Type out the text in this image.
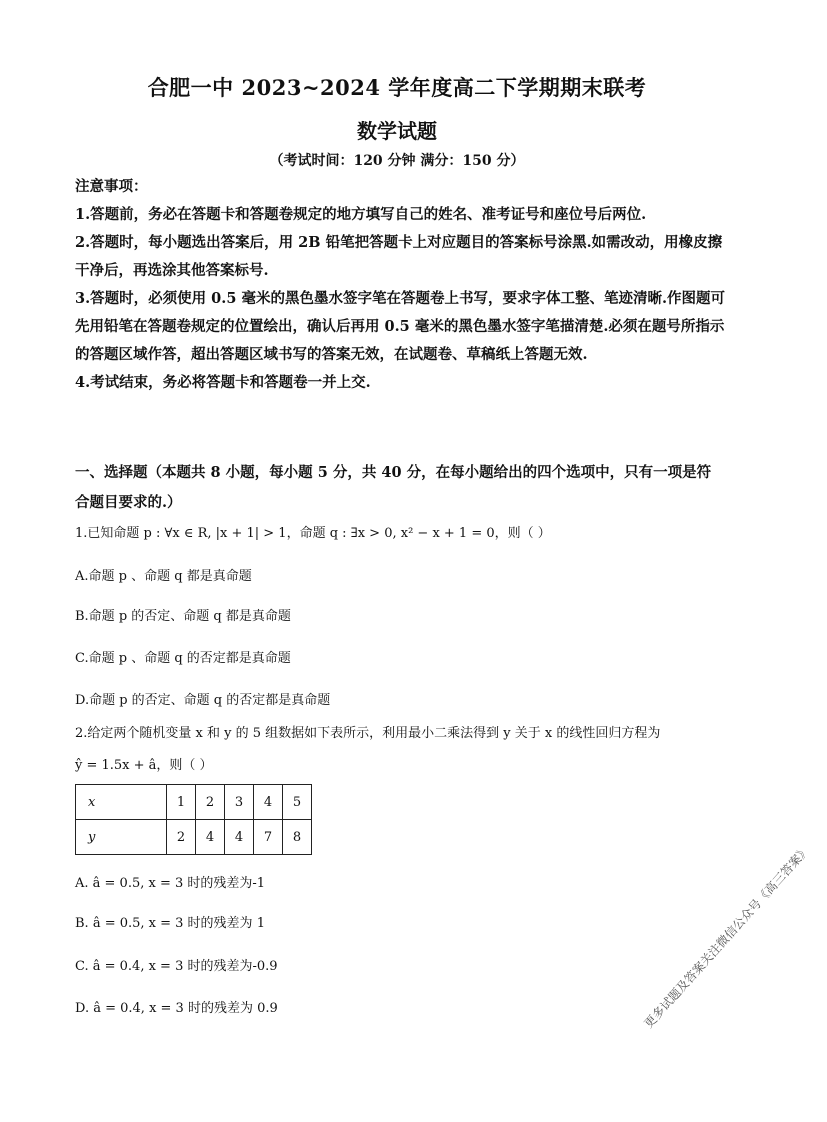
合肥一中 2023~2024 学年度高二下学期期末联考
数学试题
（考试时间：120 分钟 满分：150 分）

注意事项：

1.答题前，务必在答题卡和答题卷规定的地方填写自己的姓名、准考证号和座位号后两位.

2.答题时，每小题选出答案后，用 2B 铅笔把答题卡上对应题目的答案标号涂黑.如需改动，用橡皮擦干净后，再选涂其他答案标号.

3.答题时，必须使用 0.5 毫米的黑色墨水签字笔在答题卷上书写，要求字体工整、笔迹清晰.作图题可先用铅笔在答题卷规定的位置绘出，确认后再用 0.5 毫米的黑色墨水签字笔描清楚.必须在题号所指示的答题区域作答，超出答题区域书写的答案无效，在试题卷、草稿纸上答题无效.

4.考试结束，务必将答题卡和答题卷一并上交.

一、选择题（本题共 8 小题，每小题 5 分，共 40 分，在每小题给出的四个选项中，只有一项是符合题目要求的.）
1.已知命题 p : ∀x ∈ R, |x + 1| > 1，命题 q : ∃x > 0, x² − x + 1 = 0，则（ ）
A.命题 p 、命题 q 都是真命题
B.命题 p 的否定、命题 q 都是真命题
C.命题 p 、命题 q 的否定都是真命题
D.命题 p 的否定、命题 q 的否定都是真命题
2.给定两个随机变量 x 和 y 的 5 组数据如下表所示，利用最小二乘法得到 y 关于 x 的线性回归方程为
ŷ = 1.5x + â，则（ ）
x	1	2	3	4	5
y	2	4	4	7	8
A. â = 0.5, x = 3 时的残差为-1
B. â = 0.5, x = 3 时的残差为 1
C. â = 0.4, x = 3 时的残差为-0.9
D. â = 0.4, x = 3 时的残差为 0.9	更多试题及答案关注微信公众号《高三答案》
